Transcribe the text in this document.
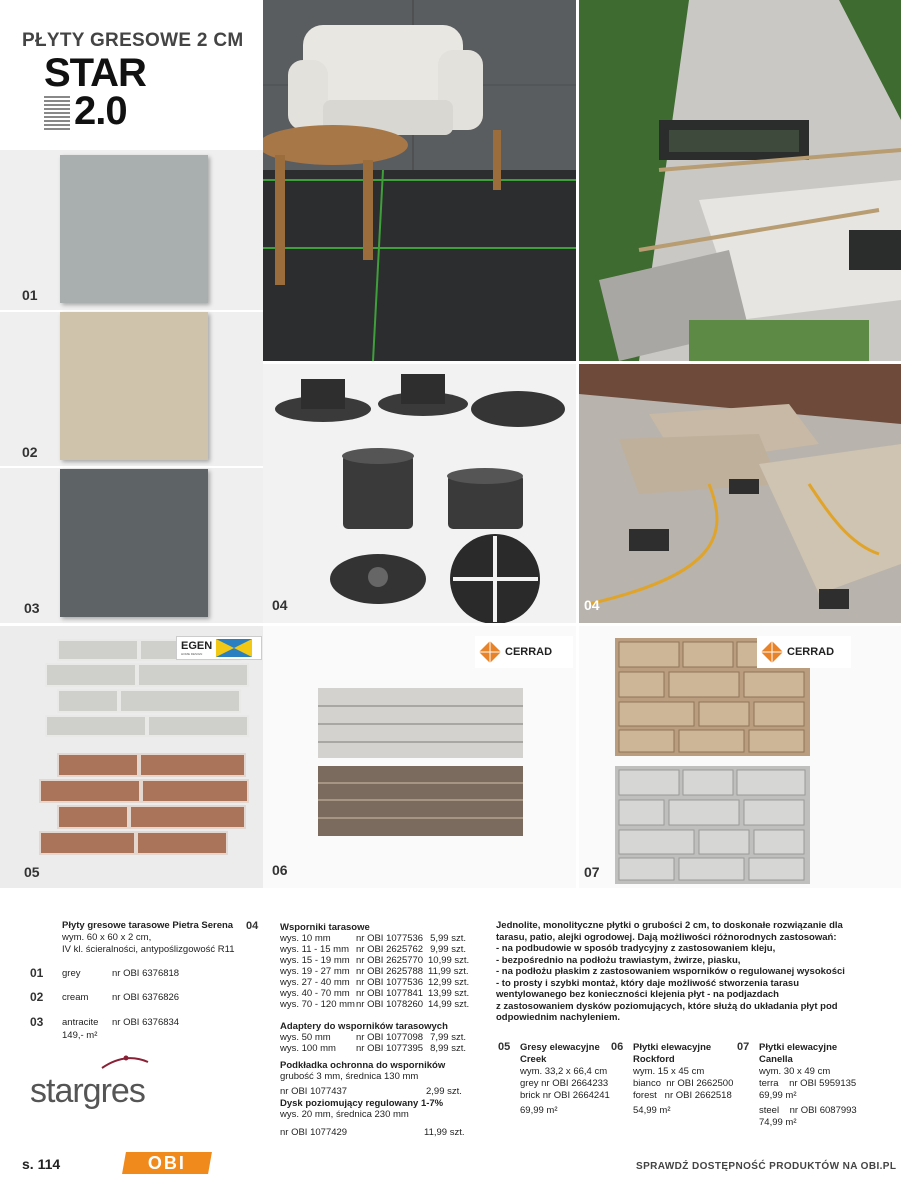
PŁYTY GRESOWE 2 CM
STAR
2.0
01
02
03	04	04
EGEN
HOME DESIGN
05
CERRAD
06
CERRAD
07
Płyty gresowe tarasowe Pietra Serena
wym. 60 x 60 x 2 cm,
IV kl. ścieralności, antypoślizgowość R11
01 grey	nr OBI 6376818
02 cream nr OBI 6376826
03 antracite nr OBI 6376834
149,- m²
stargres
04 Wsporniki tarasowe
wys. 10 mm	nr OBI 1077536 5,99 szt.
wys. 11 - 15 mm nr OBI 2625762 9,99 szt.
wys. 15 - 19 mm nr OBI 2625770 10,99 szt.
wys. 19 - 27 mm nr OBI 2625788 11,99 szt.
wys. 27 - 40 mm nr OBI 1077536 12,99 szt.
wys. 40 - 70 mm nr OBI 1077841 13,99 szt.
wys. 70 - 120 mm nr OBI 1078260 14,99 szt.
Adaptery do wsporników tarasowych
wys. 50 mm	nr OBI 1077098 7,99 szt.
wys. 100 mm	nr OBI 1077395 8,99 szt.
Podkładka ochronna do wsporników
grubość 3 mm, średnica 130 mm
nr OBI 1077437	2,99 szt.
Dysk poziomujący regulowany 1-7%
wys. 20 mm, średnica 230 mm
nr OBI 1077429	11,99 szt.
Jednolite, monolityczne płytki o grubości 2 cm, to doskonałe rozwiązanie dla
tarasu, patio, alejki ogrodowej. Dają możliwości różnorodnych zastosowań:
- na podbudowie w sposób tradycyjny z zastosowaniem kleju,
- bezpośrednio na podłożu trawiastym, żwirze, piasku,
- na podłożu płaskim z zastosowaniem wsporników o regulowanej wysokości
- to prosty i szybki montaż, który daje możliwość stworzenia tarasu
wentylowanego bez konieczności klejenia płyt - na podjazdach
z zastosowaniem dysków poziomujących, które służą do układania płyt pod
odpowiednim nachyleniem.
05 Gresy elewacyjne
Creek
wym. 33,2 x 66,4 cm
grey nr OBI 2664233
brick nr OBI 2664241
69,99 m²
06 Płytki elewacyjne
Rockford
wym. 15 x 45 cm
bianco  nr OBI 2662500
forest   nr OBI 2662518
54,99 m²
07 Płytki elewacyjne
Canella
wym. 30 x 49 cm
terra    nr OBI 5959135
69,99 m²
steel    nr OBI 6087993
74,99 m²
s. 114	OBI	SPRAWDŹ DOSTĘPNOŚĆ PRODUKTÓW NA OBI.PL
